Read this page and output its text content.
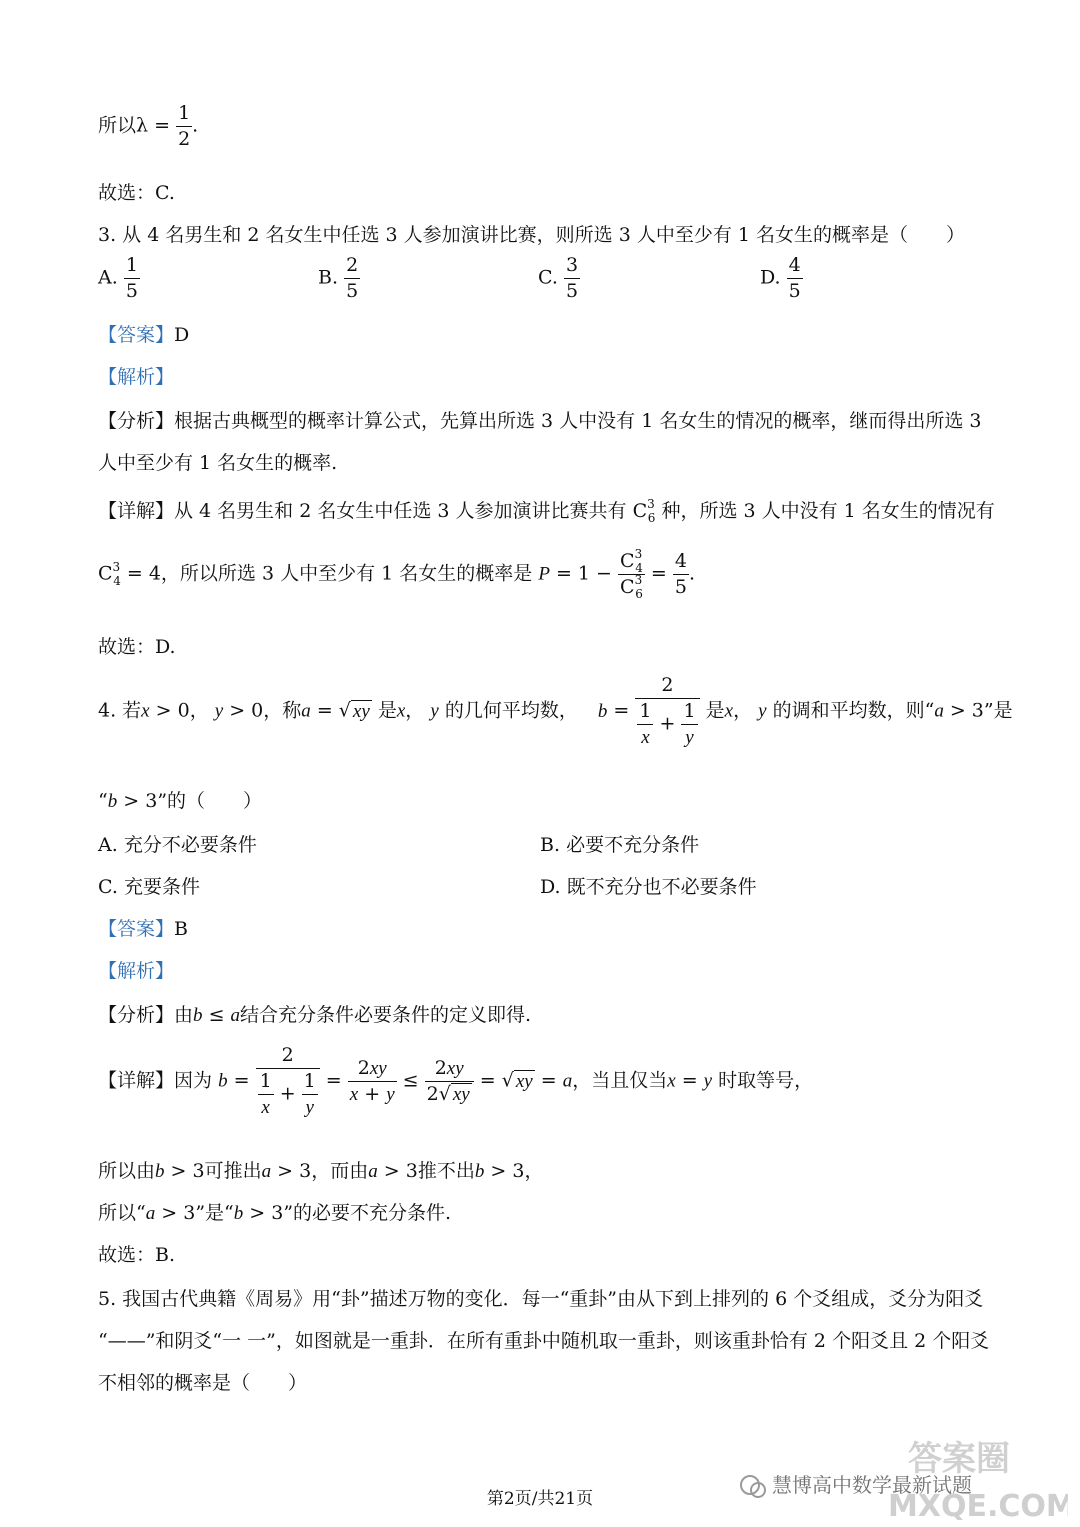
所以$\lambda = \frac{1}{2}$ .
故选：C.
3. 从 4 名男生和 2 名女生中任选 3 人参加演讲比赛，则所选 3 人中至少有 1 名女生的概率是（　　）
A. $\frac{1}{5}$	B. $\frac{2}{5}$	C. $\frac{3}{5}$	D. $\frac{4}{5}$
【答案】D
【解析】
【分析】根据古典概型的概率计算公式，先算出所选 3 人中没有 1 名女生的情况的概率，继而得出所选 3
人中至少有 1 名女生的概率.
【详解】从 4 名男生和 2 名女生中任选 3 人参加演讲比赛共有 $C^3_6$ 种，所选 3 人中没有 1 名女生的情况有
$C^3_4 = 4$，所以所选 3 人中至少有 1 名女生的概率是 $P = 1 - \frac{C^3_4}{C^3_6} = \frac{4}{5}$ .
故选：D.
4. 若x > 0， y > 0，称a = √ xy 是x， y 的几何平均数， $b = \frac{2}{\frac{1}{x} + \frac{1}{y}}$ 是x， y 的调和平均数，则“a > 3”是
“b > 3”的（　　）
A. 充分不必要条件	B. 必要不充分条件
C. 充要条件	D. 既不充分也不必要条件
【答案】B
【解析】
【分析】由b ≤ a结合充分条件必要条件的定义即得.
【详解】因为 $b = \frac{2}{\frac{1}{x} + \frac{1}{y}} = \frac{2xy}{x + y} \le \frac{2xy}{2√ xy}$ = √ xy = a，当且仅当x = y 时取等号，
所以由b > 3可推出a > 3，而由a > 3推不出b > 3，
所以“a > 3”是“b > 3”的必要不充分条件.
故选：B.
5. 我国古代典籍《周易》用“卦”描述万物的变化．每一“重卦”由从下到上排列的 6 个爻组成，爻分为阳爻
“——”和阴爻“一 一”，如图就是一重卦．在所有重卦中随机取一重卦，则该重卦恰有 2 个阳爻且 2 个阳爻
不相邻的概率是（　　）
第2页/共21页
慧博高中数学最新试题
答案圈
MXQE.COM
